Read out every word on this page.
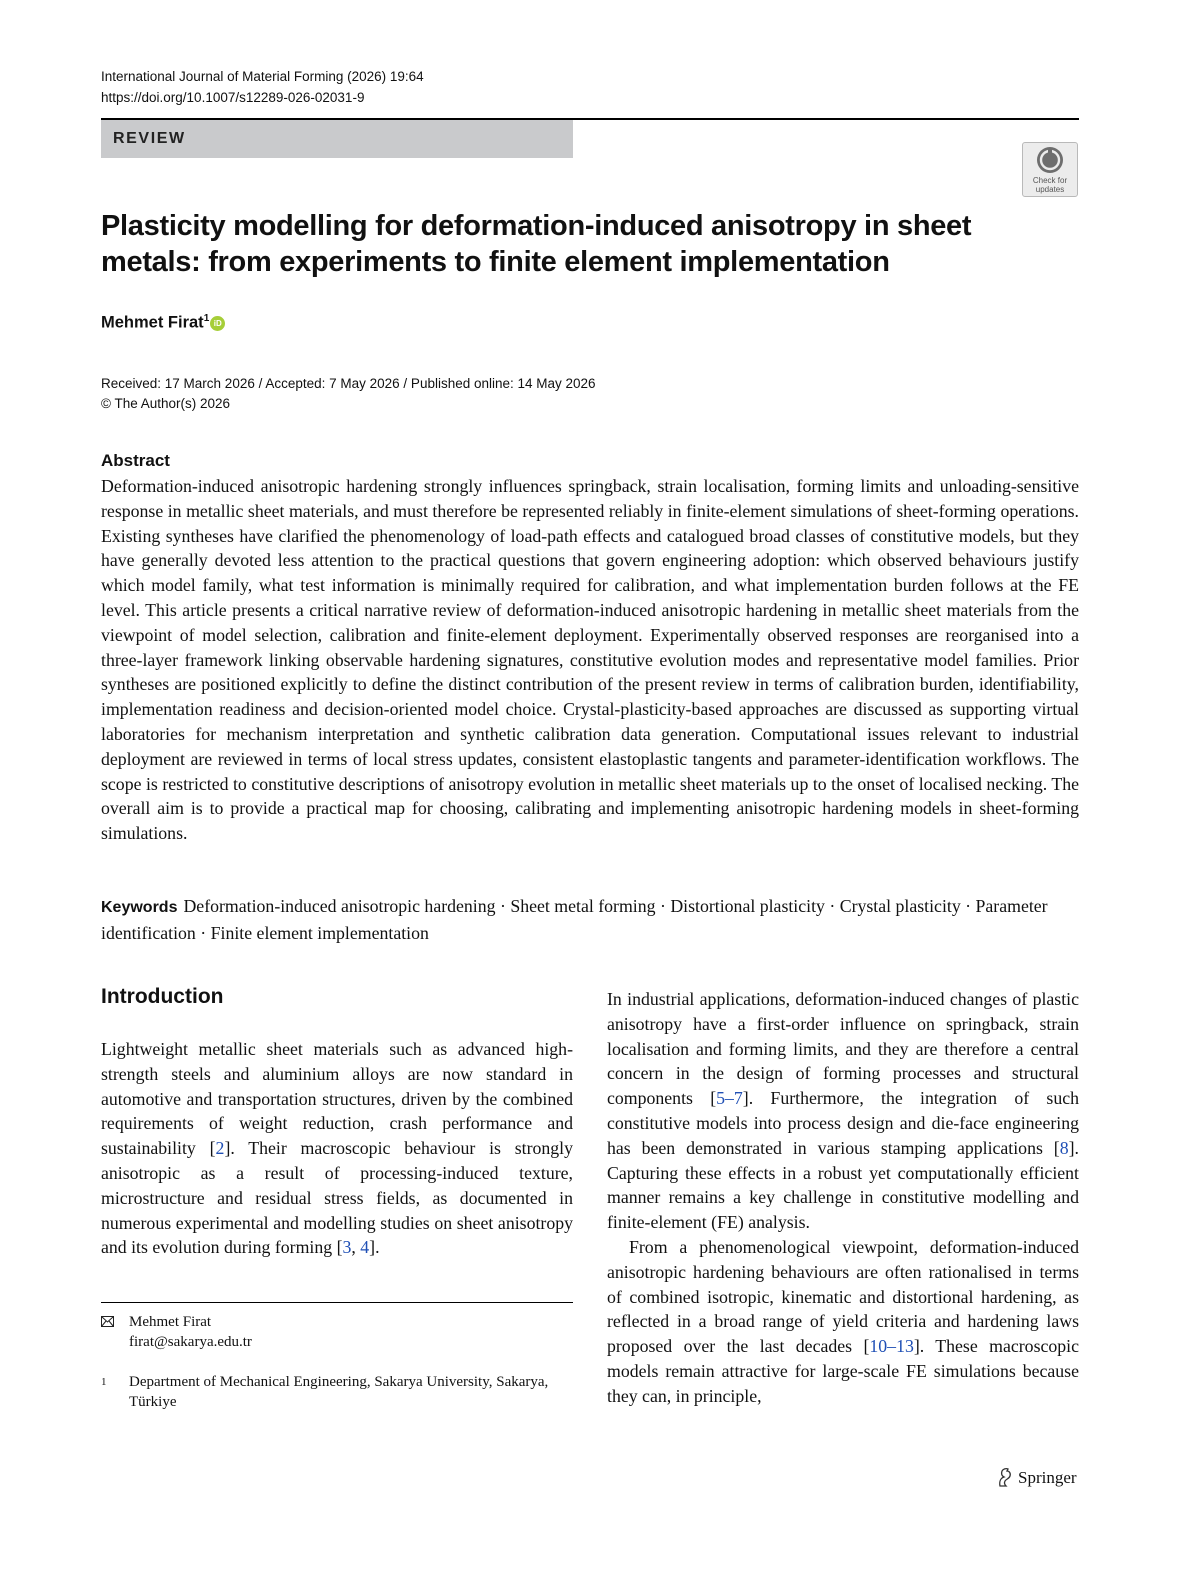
International Journal of Material Forming (2026) 19:64
https://doi.org/10.1007/s12289-026-02031-9
REVIEW
Check for
updates
Plasticity modelling for deformation-induced anisotropy in sheet
metals: from experiments to finite element implementation
Mehmet Firat$^1$ iD
Received: 17 March 2026 / Accepted: 7 May 2026 / Published online: 14 May 2026
© The Author(s) 2026
Abstract
Deformation-induced anisotropic hardening strongly influences springback, strain localisation, forming limits and unloading-sensitive response in metallic sheet materials, and must therefore be represented reliably in finite-element simulations of sheet-forming operations. Existing syntheses have clarified the phenomenology of load-path effects and catalogued broad classes of constitutive models, but they have generally devoted less attention to the practical questions that govern engineering adoption: which observed behaviours justify which model family, what test information is minimally required for calibration, and what implementation burden follows at the FE level. This article presents a critical narrative review of deformation-induced anisotropic hardening in metallic sheet materials from the viewpoint of model selection, calibration and finite-element deployment. Experimentally observed responses are reorganised into a three-layer framework linking observable hardening signatures, constitutive evolution modes and representative model families. Prior syntheses are positioned explicitly to define the distinct contribution of the present review in terms of calibration burden, identifiability, implementation readiness and decision-oriented model choice. Crystal-plasticity-based approaches are discussed as supporting virtual laboratories for mechanism interpretation and synthetic calibration data generation. Computational issues relevant to industrial deployment are reviewed in terms of local stress updates, consistent elastoplastic tangents and parameter-identification workflows. The scope is restricted to constitutive descriptions of anisotropy evolution in metallic sheet materials up to the onset of localised necking. The overall aim is to provide a practical map for choosing, calibrating and implementing anisotropic hardening models in sheet-forming simulations.
Keywords Deformation-induced anisotropic hardening · Sheet metal forming · Distortional plasticity · Crystal plasticity · Parameter identification · Finite element implementation
Introduction

Lightweight metallic sheet materials such as advanced high-strength steels and aluminium alloys are now standard in automotive and transportation structures, driven by the combined requirements of weight reduction, crash performance and sustainability [2]. Their macroscopic behaviour is strongly anisotropic as a result of processing-induced texture, microstructure and residual stress fields, as documented in numerous experimental and modelling studies on sheet anisotropy and its evolution during forming [3, 4].

In industrial applications, deformation-induced changes of plastic anisotropy have a first-order influence on springback, strain localisation and forming limits, and they are therefore a central concern in the design of forming processes and structural components [5–7]. Furthermore, the integration of such constitutive models into process design and die-face engineering has been demonstrated in various stamping applications [8]. Capturing these effects in a robust yet computationally efficient manner remains a key challenge in constitutive modelling and finite-element (FE) analysis.

From a phenomenological viewpoint, deformation-induced anisotropic hardening behaviours are often rationalised in terms of combined isotropic, kinematic and distortional hardening, as reflected in a broad range of yield criteria and hardening laws proposed over the last decades [10–13]. These macroscopic models remain attractive for large-scale FE simulations because they can, in principle,

Mehmet Firat
firat@sakarya.edu.tr
1 Department of Mechanical Engineering, Sakarya University, Sakarya, Türkiye
Springer
